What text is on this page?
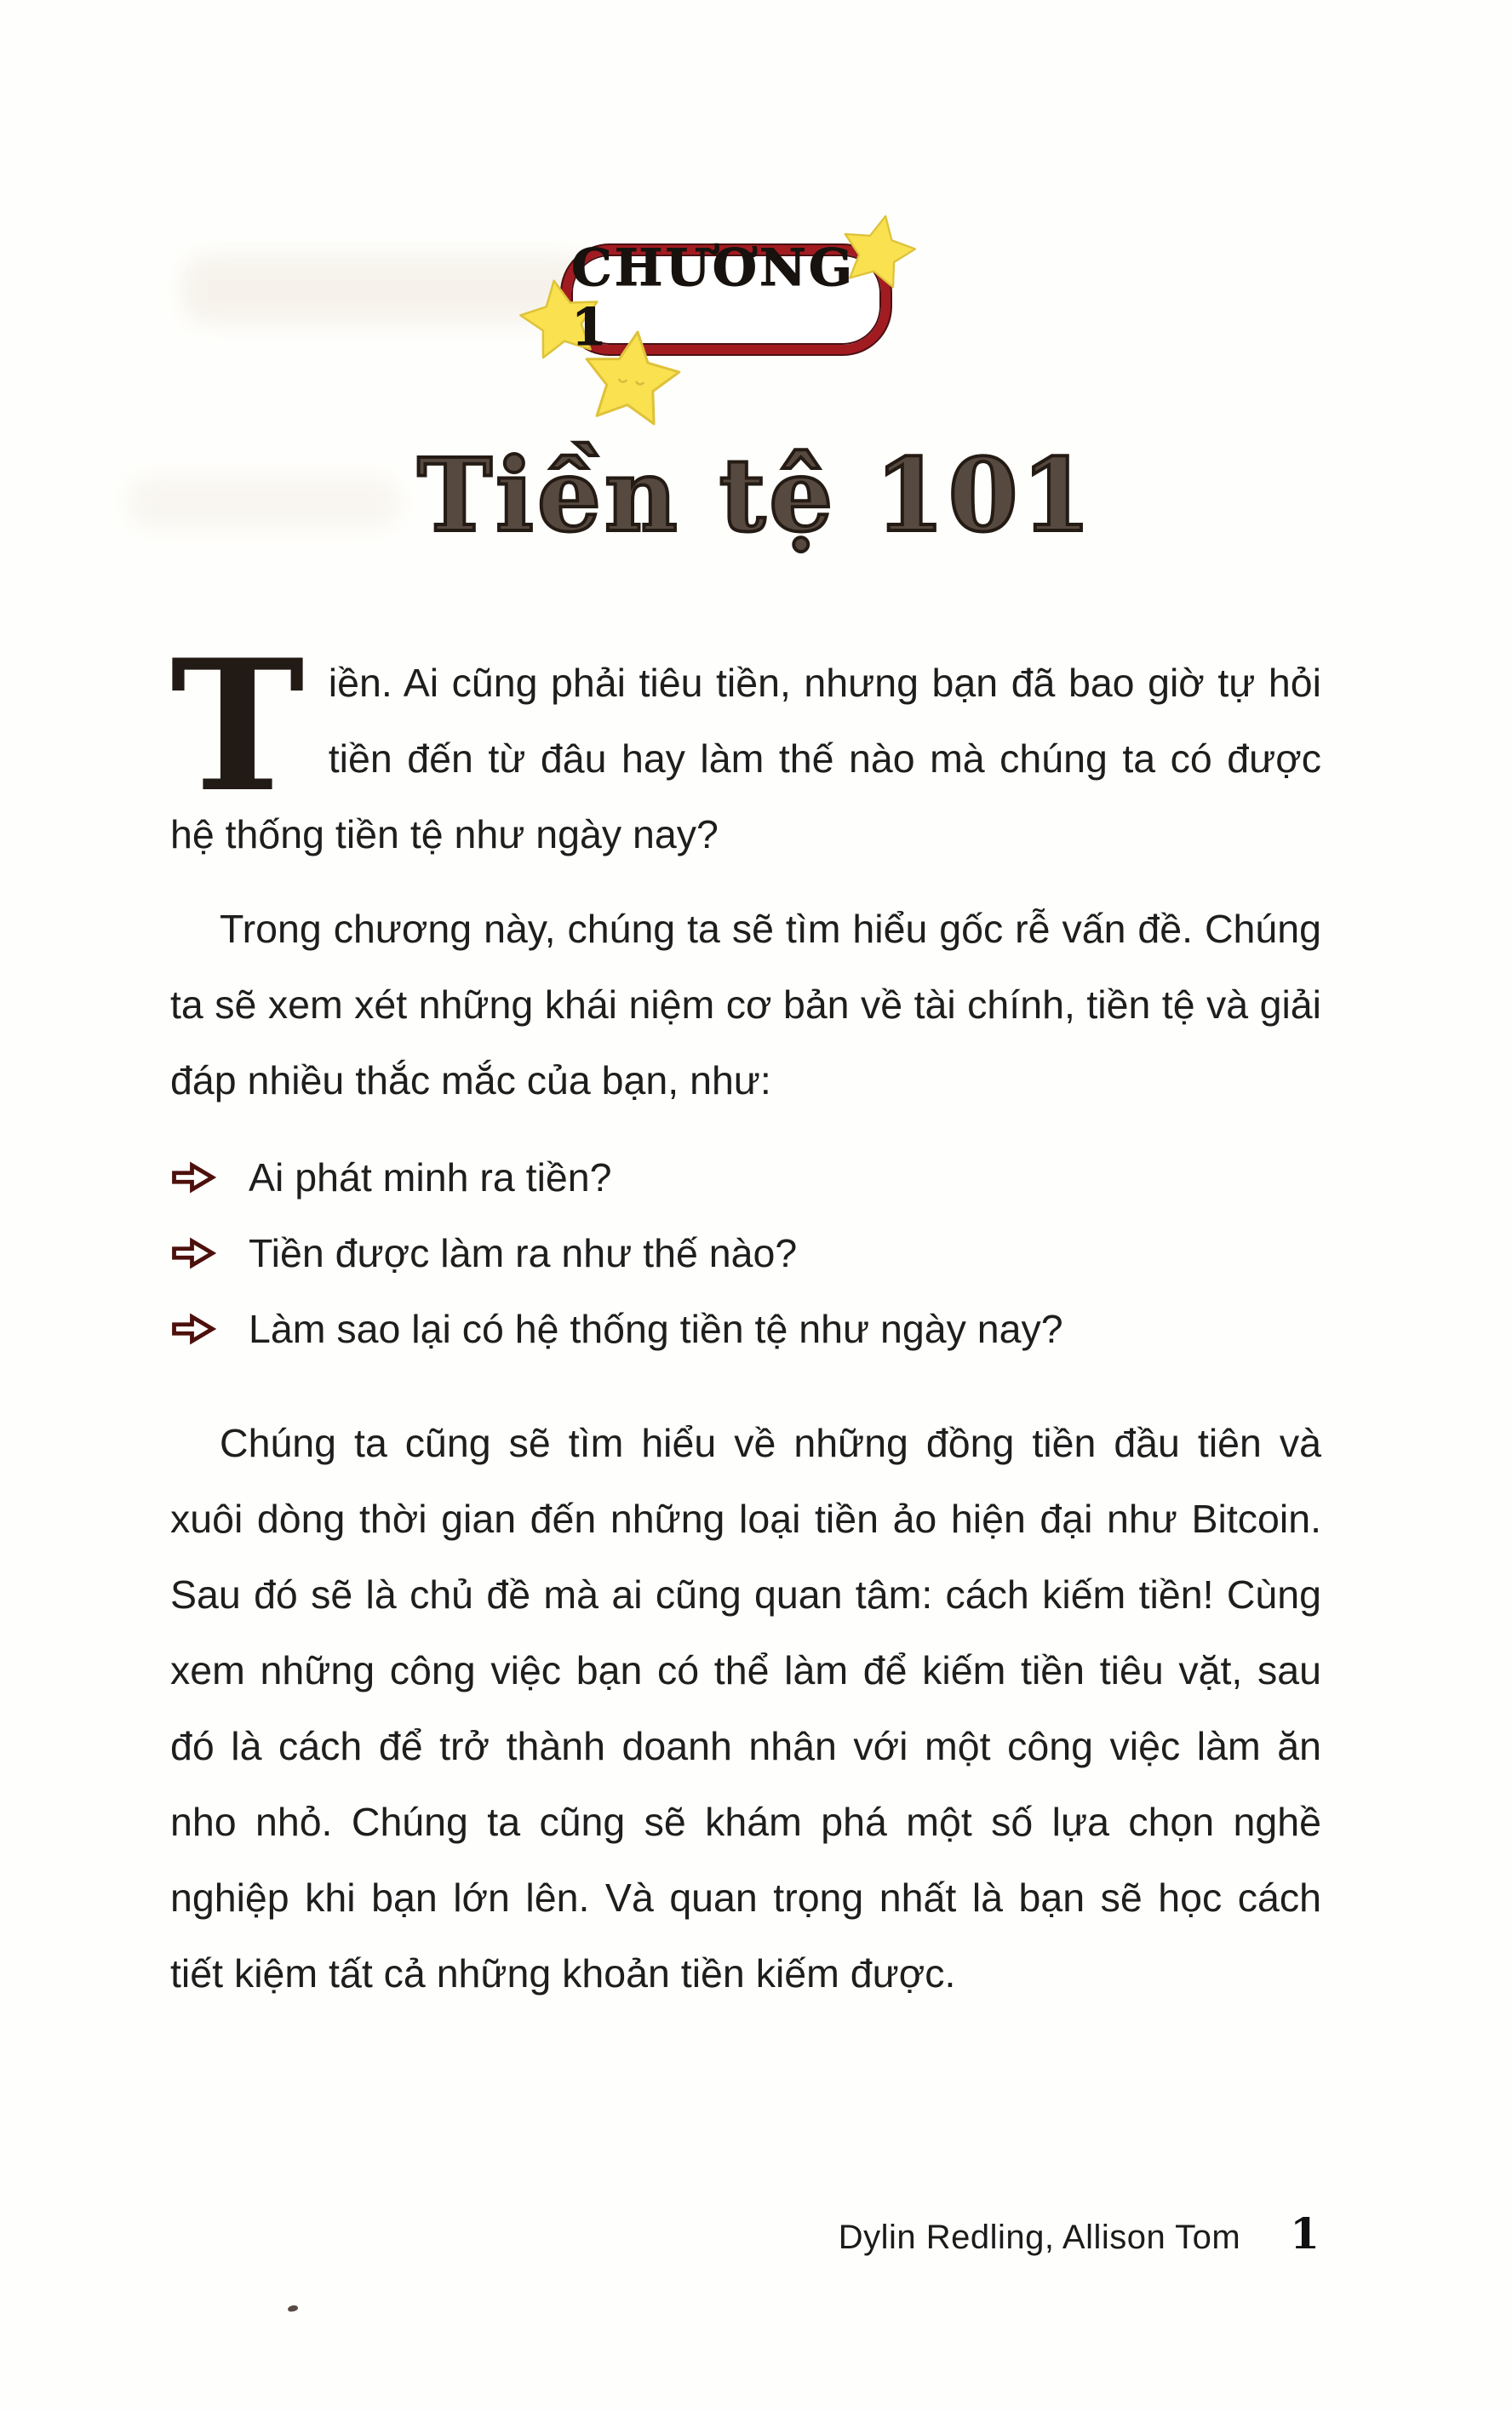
CHƯƠNG 1
Tiền tệ 101

Tiền. Ai cũng phải tiêu tiền, nhưng bạn đã bao giờ tự hỏi tiền đến từ đâu hay làm thế nào mà chúng ta có được hệ thống tiền tệ như ngày nay?

Trong chương này, chúng ta sẽ tìm hiểu gốc rễ vấn đề. Chúng ta sẽ xem xét những khái niệm cơ bản về tài chính, tiền tệ và giải đáp nhiều thắc mắc của bạn, như:

Ai phát minh ra tiền?
Tiền được làm ra như thế nào?
Làm sao lại có hệ thống tiền tệ như ngày nay?

Chúng ta cũng sẽ tìm hiểu về những đồng tiền đầu tiên và xuôi dòng thời gian đến những loại tiền ảo hiện đại như Bitcoin. Sau đó sẽ là chủ đề mà ai cũng quan tâm: cách kiếm tiền! Cùng xem những công việc bạn có thể làm để kiếm tiền tiêu vặt, sau đó là cách để trở thành doanh nhân với một công việc làm ăn nho nhỏ. Chúng ta cũng sẽ khám phá một số lựa chọn nghề nghiệp khi bạn lớn lên. Và quan trọng nhất là bạn sẽ học cách tiết kiệm tất cả những khoản tiền kiếm được.

Dylin Redling, Allison Tom 1
